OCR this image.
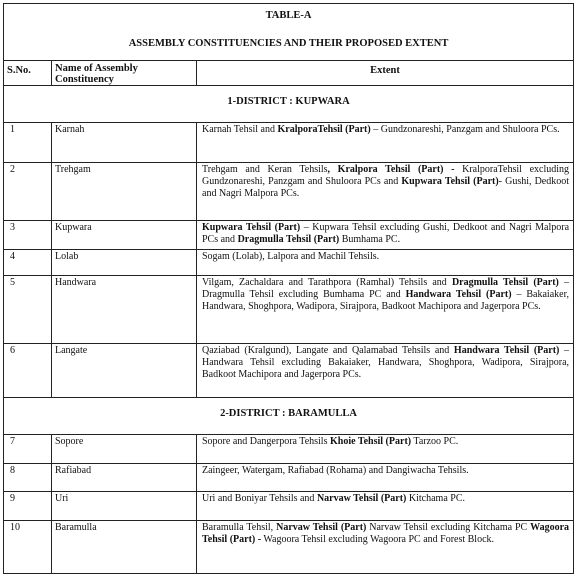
TABLE-A
ASSEMBLY CONSTITUENCIES AND THEIR PROPOSED EXTENT		

S.No.	Name of Assembly Constituency	Extent

1-DISTRICT : KUPWARA		

1	Karnah	Karnah Tehsil and KralporaTehsil (Part) – Gundzonareshi, Panzgam and Shuloora PCs.
2	Trehgam	Trehgam and Keran Tehsils, Kralpora Tehsil (Part) - KralporaTehsil excluding Gundzonareshi, Panzgam and Shuloora PCs and Kupwara Tehsil (Part)- Gushi, Dedkoot and Nagri Malpora PCs.
3	Kupwara	Kupwara Tehsil (Part) – Kupwara Tehsil excluding Gushi, Dedkoot and Nagri Malpora PCs and Dragmulla Tehsil (Part) Bumhama PC.
4	Lolab	Sogam (Lolab), Lalpora and Machil Tehsils.
5	Handwara	Vilgam, Zachaldara and Tarathpora (Ramhal) Tehsils and Dragmulla Tehsil (Part) – Dragmulla Tehsil excluding Bumhama PC and Handwara Tehsil (Part) – Bakaiaker, Handwara, Shoghpora, Wadipora, Sirajpora, Badkoot Machipora and Jagerpora PCs.
6	Langate	Qaziabad (Kralgund), Langate and Qalamabad Tehsils and Handwara Tehsil (Part) – Handwara Tehsil excluding Bakaiaker, Handwara, Shoghpora, Wadipora, Sirajpora, Badkoot Machipora and Jagerpora PCs.

2-DISTRICT : BARAMULLA		

7	Sopore	Sopore and Dangerpora Tehsils Khoie Tehsil (Part) Tarzoo PC.
8	Rafiabad	Zaingeer, Watergam, Rafiabad (Rohama) and Dangiwacha Tehsils.
9	Uri	Uri and Boniyar Tehsils and Narvaw Tehsil (Part) Kitchama PC.
10	Baramulla	Baramulla Tehsil, Narvaw Tehsil (Part) Narvaw Tehsil excluding Kitchama PC Wagoora Tehsil (Part) - Wagoora Tehsil excluding Wagoora PC and Forest Block.
